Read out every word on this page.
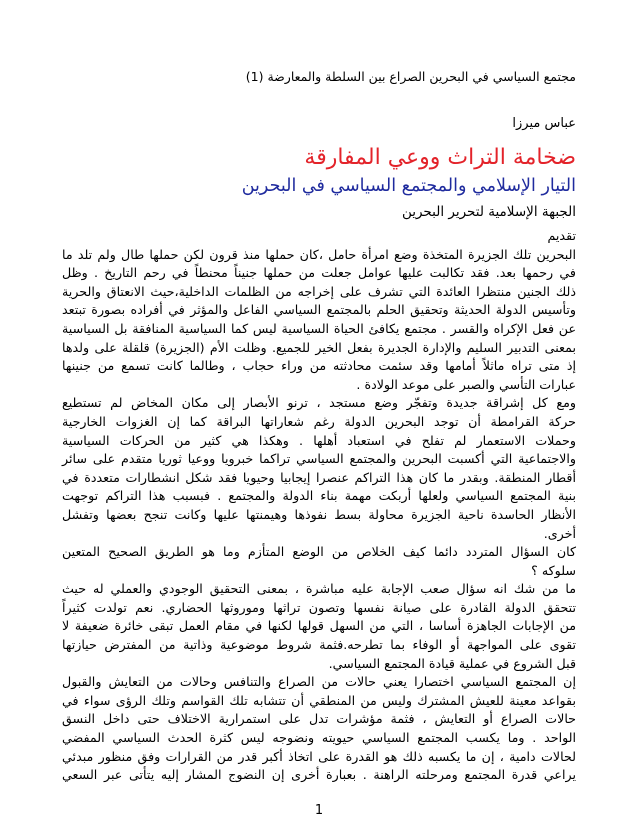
مجتمع السياسي في البحرين الصراع بين السلطة والمعارضة (1)
عباس ميرزا
ضخامة التراث ووعي المفارقة
التيار الإسلامي والمجتمع السياسي في البحرين
الجبهة الإسلامية لتحرير البحرين
تقديم
البحرين تلك الجزيرة المتخذة وضع امرأة حامل ،كان حملها منذ قرون لكن حملها طال ولم تلد ما
في رحمها بعد. فقد تكالبت عليها عوامل جعلت من حملها جنيناً محنطاً في رحم التاريخ . وظل
ذلك الجنين منتظرا العائدة التي تشرف على إخراجه من الظلمات الداخلية،حيث الانعتاق والحرية
وتأسيس الدولة الحديثة وتحقيق الحلم بالمجتمع السياسي الفاعل والمؤثر في أفراده بصورة تبتعد
عن فعل الإكراه والقسر . مجتمع يكافئ الحياة السياسية ليس كما السياسية المنافقة بل السياسية
بمعنى التدبير السليم والإدارة الجديرة بفعل الخير للجميع. وظلت الأم (الجزيرة) قلقلة على ولدها
إذ متى تراه ماثلاً أمامها وقد سئمت محادثته من وراء حجاب ، وطالما كانت تسمع من جنينها
عبارات التأسي والصبر على موعد الولادة .
ومع كل إشراقة جديدة وتفجّر وضع مستجد ، ترنو الأبصار إلى مكان المخاض لم تستطيع
حركة القرامطة أن توجد البحرين الدولة رغم شعاراتها البراقة كما إن الغزوات الخارجية
وحملات الاستعمار لم تفلح في استعباد أهلها . وهكذا هي كثير من الحركات السياسية
والاجتماعية التي أكسبت البحرين والمجتمع السياسي تراكما خبرويا ووعيا ثوريا متقدم على سائر
أقطار المنطقة. وبقدر ما كان هذا التراكم عنصرا إيجابيا وحيويا فقد شكل انشطارات متعددة في
بنية المجتمع السياسي ولعلها أربكت مهمة بناء الدولة والمجتمع . فبسبب هذا التراكم توجهت
الأنظار الحاسدة ناحية الجزيرة محاولة بسط نفوذها وهيمنتها عليها وكانت تنجح بعضها وتفشل
أخرى.
كان السؤال المتردد دائما كيف الخلاص من الوضع المتأزم وما هو الطريق الصحيح المتعين
سلوكه ؟
ما من شك انه سؤال صعب الإجابة عليه مباشرة ، بمعنى التحقيق الوجودي والعملي له حيث
تتحقق الدولة القادرة على صيانة نفسها وتصون تراثها وموروثها الحضاري. نعم تولدت كثيراً
من الإجابات الجاهزة أساسا ، التي من السهل قولها لكنها في مقام العمل تبقى خائرة ضعيفة لا
تقوى على المواجهة أو الوفاء بما تطرحه.فثمة شروط موضوعية وذاتية من المفترض حيازتها
قبل الشروع في عملية قيادة المجتمع السياسي.
إن المجتمع السياسي اختصارا يعني حالات من الصراع والتنافس وحالات من التعايش والقبول
بقواعد معينة للعيش المشترك وليس من المنطقي أن تتشابه تلك القواسم وتلك الرؤى سواء في
حالات الصراع أو التعايش ، فثمة مؤشرات تدل على استمرارية الاختلاف حتى داخل النسق
الواحد . وما يكسب المجتمع السياسي حيويته ونضوجه ليس كثرة الحدث السياسي المفضي
لحالات دامية ، إن ما يكسبه ذلك هو القدرة على اتخاذ أكبر قدر من القرارات وفق منظور مبدئي
يراعي قدرة المجتمع ومرحلته الراهنة . بعبارة أخرى إن النضوج المشار إليه يتأتى عبر السعي
1
